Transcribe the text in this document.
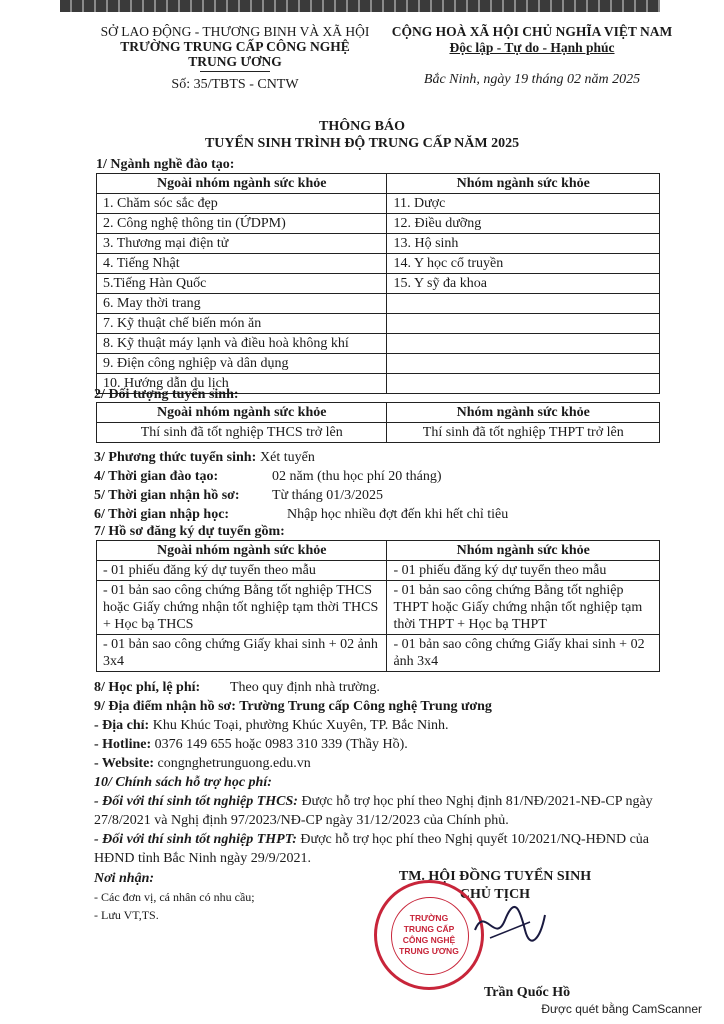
SỞ LAO ĐỘNG - THƯƠNG BINH VÀ XÃ HỘI
TRƯỜNG TRUNG CẤP CÔNG NGHỆ
TRUNG ƯƠNG
Số: 35/TBTS - CNTW
CỘNG HOÀ XÃ HỘI CHỦ NGHĨA VIỆT NAM
Độc lập - Tự do - Hạnh phúc
Bắc Ninh, ngày 19 tháng 02 năm 2025
THÔNG BÁO
TUYỂN SINH TRÌNH ĐỘ TRUNG CẤP NĂM 2025
1/ Ngành nghề đào tạo:
Ngoài nhóm ngành sức khỏe	Nhóm ngành sức khỏe
1. Chăm sóc sắc đẹp	11. Dược
2. Công nghệ thông tin (ỨDPM)	12. Điều dưỡng
3. Thương mại điện tử	13. Hộ sinh
4. Tiếng Nhật	14. Y học cổ truyền
5.Tiếng Hàn Quốc	15. Y sỹ đa khoa
6. May thời trang	
7. Kỹ thuật chế biến món ăn	
8. Kỹ thuật máy lạnh và điều hoà không khí	
9. Điện công nghiệp và dân dụng	
10. Hướng dẫn du lịch	
2/ Đối tượng tuyển sinh:
Ngoài nhóm ngành sức khỏe	Nhóm ngành sức khỏe
Thí sinh đã tốt nghiệp THCS trở lên	Thí sinh đã tốt nghiệp THPT trở lên
3/ Phương thức tuyển sinh: Xét tuyển
4/ Thời gian đào tạo:	02 năm (thu học phí 20 tháng)
5/ Thời gian nhận hồ sơ: Từ tháng 01/3/2025
6/ Thời gian nhập học:	Nhập học nhiều đợt đến khi hết chỉ tiêu
7/ Hồ sơ đăng ký dự tuyển gồm:
Ngoài nhóm ngành sức khỏe	Nhóm ngành sức khỏe
- 01 phiếu đăng ký dự tuyển theo mẫu	- 01 phiếu đăng ký dự tuyển theo mẫu
- 01 bản sao công chứng Bằng tốt nghiệp THCS hoặc Giấy chứng nhận tốt nghiệp tạm thời THCS + Học bạ THCS	- 01 bản sao công chứng Bằng tốt nghiệp THPT hoặc Giấy chứng nhận tốt nghiệp tạm thời THPT + Học bạ THPT
- 01 bản sao công chứng Giấy khai sinh + 02 ảnh 3x4	- 01 bản sao công chứng Giấy khai sinh + 02 ảnh 3x4
8/ Học phí, lệ phí: Theo quy định nhà trường.
9/ Địa điểm nhận hồ sơ: Trường Trung cấp Công nghệ Trung ương
- Địa chỉ: Khu Khúc Toại, phường Khúc Xuyên, TP. Bắc Ninh.
- Hotline: 0376 149 655 hoặc 0983 310 339 (Thầy Hồ).
- Website: congnghetrunguong.edu.vn
10/ Chính sách hỗ trợ học phí:
- Đối với thí sinh tốt nghiệp THCS: Được hỗ trợ học phí theo Nghị định 81/NĐ/2021-NĐ-CP ngày
27/8/2021 và Nghị định 97/2023/NĐ-CP ngày 31/12/2023 của Chính phủ.
- Đối với thí sinh tốt nghiệp THPT: Được hỗ trợ học phí theo Nghị quyết 10/2021/NQ-HĐND của
HĐND tỉnh Bắc Ninh ngày 29/9/2021.
Nơi nhận:
- Các đơn vị, cá nhân có nhu cầu;
- Lưu VT,TS.
TM. HỘI ĐỒNG TUYỂN SINH
CHỦ TỊCH
TRƯỜNG
TRUNG CẤP
CÔNG NGHỆ
TRUNG ƯƠNG
Trần Quốc Hồ
Được quét bằng CamScanner
